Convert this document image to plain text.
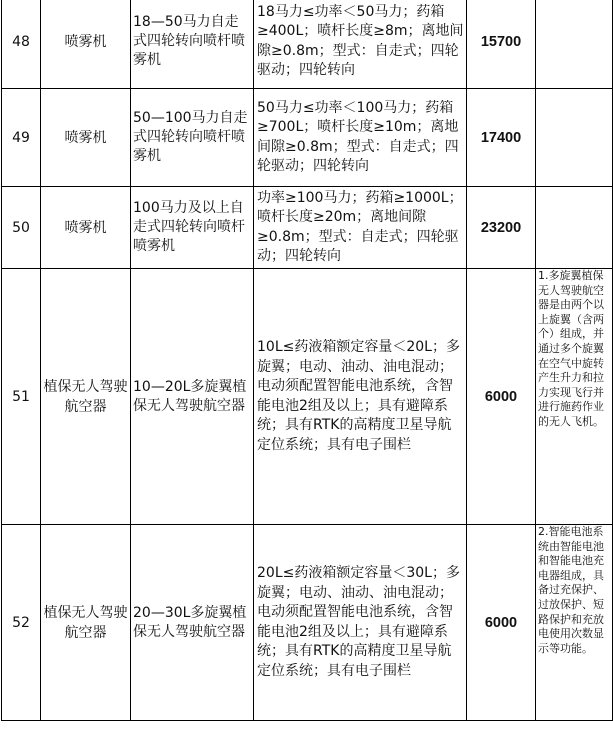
48	喷雾机	18—50马力自走式四轮转向喷杆喷雾机	18马力≤功率＜50马力；药箱≥400L；喷杆长度≥8m；离地间隙≥0.8m；型式：自走式；四轮驱动；四轮转向	15700	
49	喷雾机	50—100马力自走式四轮转向喷杆喷雾机	50马力≤功率＜100马力；药箱≥700L；喷杆长度≥10m；离地间隙≥0.8m；型式：自走式；四轮驱动；四轮转向	17400	
50	喷雾机	100马力及以上自走式四轮转向喷杆喷雾机	功率≥100马力；药箱≥1000L；喷杆长度≥20m；离地间隙≥0.8m；型式：自走式；四轮驱动；四轮转向	23200	
51	植保无人驾驶航空器	10—20L多旋翼植保无人驾驶航空器	10L≤药液箱额定容量＜20L；多旋翼；电动、油动、油电混动；电动须配置智能电池系统，含智能电池2组及以上；具有避障系统；具有RTK的高精度卫星导航定位系统；具有电子围栏	6000	1.多旋翼植保无人驾驶航空器是由两个以上旋翼（含两个）组成，并通过多个旋翼在空气中旋转产生升力和拉力实现飞行并进行施药作业的无人飞机。
52	植保无人驾驶航空器	20—30L多旋翼植保无人驾驶航空器	20L≤药液箱额定容量＜30L；多旋翼；电动、油动、油电混动；电动须配置智能电池系统，含智能电池2组及以上；具有避障系统；具有RTK的高精度卫星导航定位系统；具有电子围栏	6000	2.智能电池系统由智能电池和智能电池充电器组成，具备过充保护、过放保护、短路保护和充放电使用次数显示等功能。
